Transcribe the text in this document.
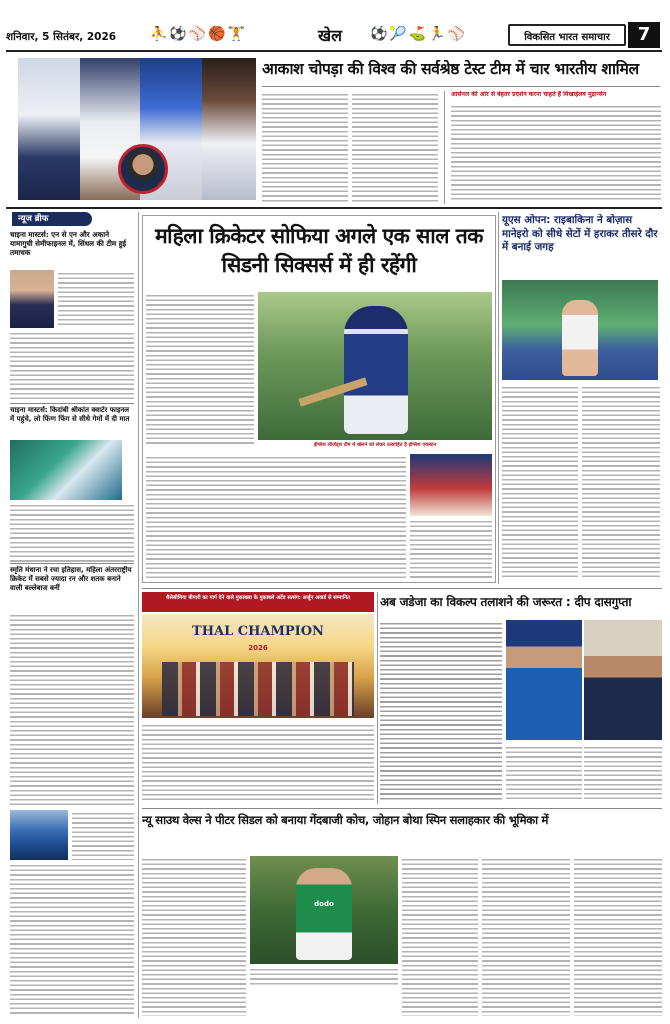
शनिवार, 5 सितंबर, 2026	⛹⚽⚾🏀🏋	खेल	⚽🎾⛳🏃⚾	विकसित भारत समाचार	7
आकाश चोपड़ा की विश्व की सर्वश्रेष्ठ टेस्ट टीम में चार भारतीय शामिल
आर्सेनल की ओर से बेहतर प्रदर्शन करना चाहते हैं मिखाईलव मुद्रान्सेन
न्यूज ब्रीफ
चाइना मास्टर्स: एन से एन और अकाने यामागुची सेमीफाइनल में, सिंधल की टीम हुई तमाचक
चाइना मास्टर्स: किदांबी श्रीकांत क्वार्टर फाइनल में पहुंचे, लो फिंग्ग फिंग से सीधे गेमों में दी मात
स्मृति मंधाना ने रचा इतिहास, महिला अंतरराष्ट्रीय क्रिकेट में सबसे ज्यादा रन और शतक बनाने वाली बल्लेबाज बनीं
महिला क्रिकेटर सोफिया अगले एक साल तक सिडनी सिक्सर्स में ही रहेंगी
इंग्लिश लीजेंड्स टीम में खेलने को लेकर उत्साहित है इंग्लिश एकस्टन
यूएस ओपन: राइबाकिना ने बोज़ास मानेइरो को सीधे सेटों में हराकर तीसरे दौर में बनाई जगह
थैलेसीमिया बीमारी का मार्ग देने वाले मुकाबला के मुकाबले अटेंड सत्संग: अर्जुन अवार्ड से सम्मानित
THAL CHAMPION
2026
अब जडेजा का विकल्प तलाशने की जरूरत : दीप दासगुप्ता
न्यू साउथ वेल्स ने पीटर सिडल को बनाया गेंदबाजी कोच, जोहान बोथा स्पिन सलाहकार की भूमिका में
dodo
